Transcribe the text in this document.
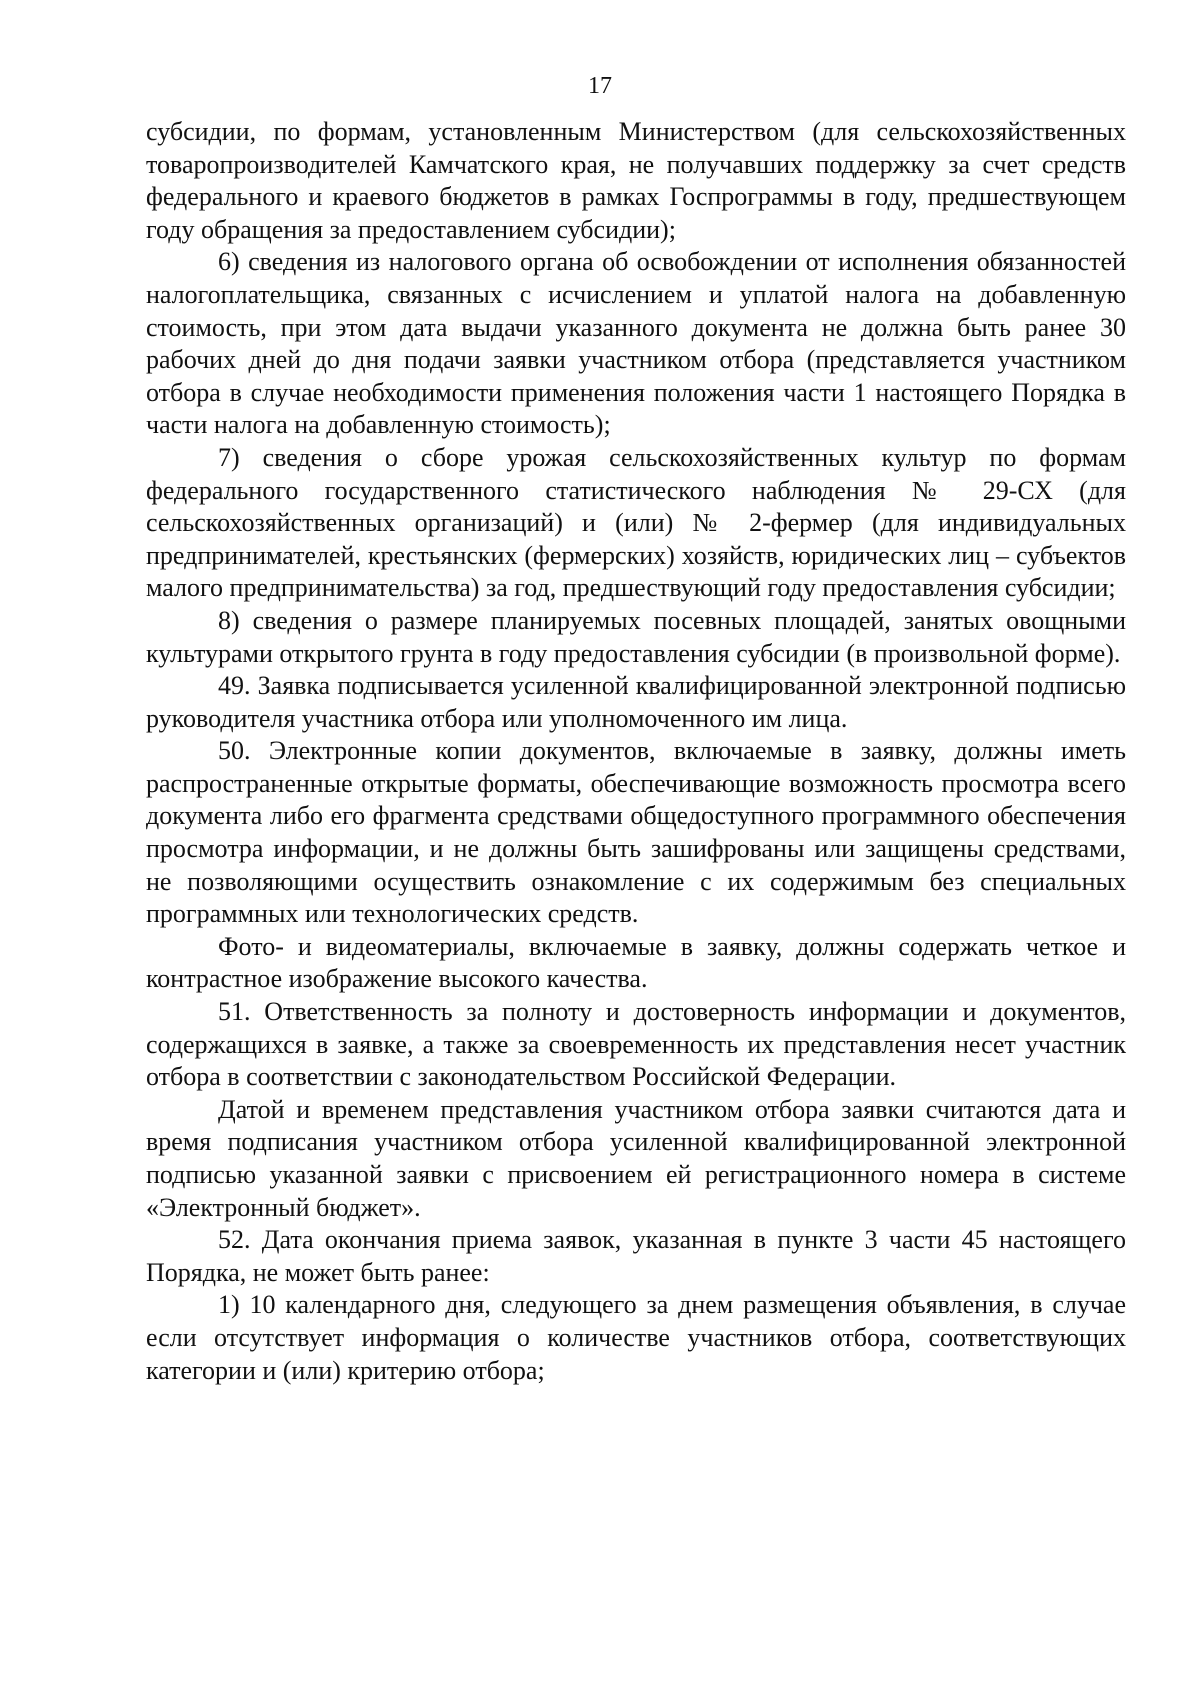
17

субсидии, по формам, установленным Министерством (для сельскохозяйственных товаропроизводителей Камчатского края, не получавших поддержку за счет средств федерального и краевого бюджетов в рамках Госпрограммы в году, предшествующем году обращения за предоставлением субсидии);

6) сведения из налогового органа об освобождении от исполнения обязанностей налогоплательщика, связанных с исчислением и уплатой налога на добавленную стоимость, при этом дата выдачи указанного документа не должна быть ранее 30 рабочих дней до дня подачи заявки участником отбора (представляется участником отбора в случае необходимости применения положения части 1 настоящего Порядка в части налога на добавленную стоимость);

7) сведения о сборе урожая сельскохозяйственных культур по формам федерального государственного статистического наблюдения № 29-СХ (для сельскохозяйственных организаций) и (или) № 2-фермер (для индивидуальных предпринимателей, крестьянских (фермерских) хозяйств, юридических лиц – субъектов малого предпринимательства) за год, предшествующий году предоставления субсидии;

8) сведения о размере планируемых посевных площадей, занятых овощными культурами открытого грунта в году предоставления субсидии (в произвольной форме).

49. Заявка подписывается усиленной квалифицированной электронной подписью руководителя участника отбора или уполномоченного им лица.

50. Электронные копии документов, включаемые в заявку, должны иметь распространенные открытые форматы, обеспечивающие возможность просмотра всего документа либо его фрагмента средствами общедоступного программного обеспечения просмотра информации, и не должны быть зашифрованы или защищены средствами, не позволяющими осуществить ознакомление с их содержимым без специальных программных или технологических средств.

Фото- и видеоматериалы, включаемые в заявку, должны содержать четкое и контрастное изображение высокого качества.

51. Ответственность за полноту и достоверность информации и документов, содержащихся в заявке, а также за своевременность их представления несет участник отбора в соответствии с законодательством Российской Федерации.

Датой и временем представления участником отбора заявки считаются дата и время подписания участником отбора усиленной квалифицированной электронной подписью указанной заявки с присвоением ей регистрационного номера в системе «Электронный бюджет».

52. Дата окончания приема заявок, указанная в пункте 3 части 45 настоящего Порядка, не может быть ранее:

1) 10 календарного дня, следующего за днем размещения объявления, в случае если отсутствует информация о количестве участников отбора, соответствующих категории и (или) критерию отбора;
